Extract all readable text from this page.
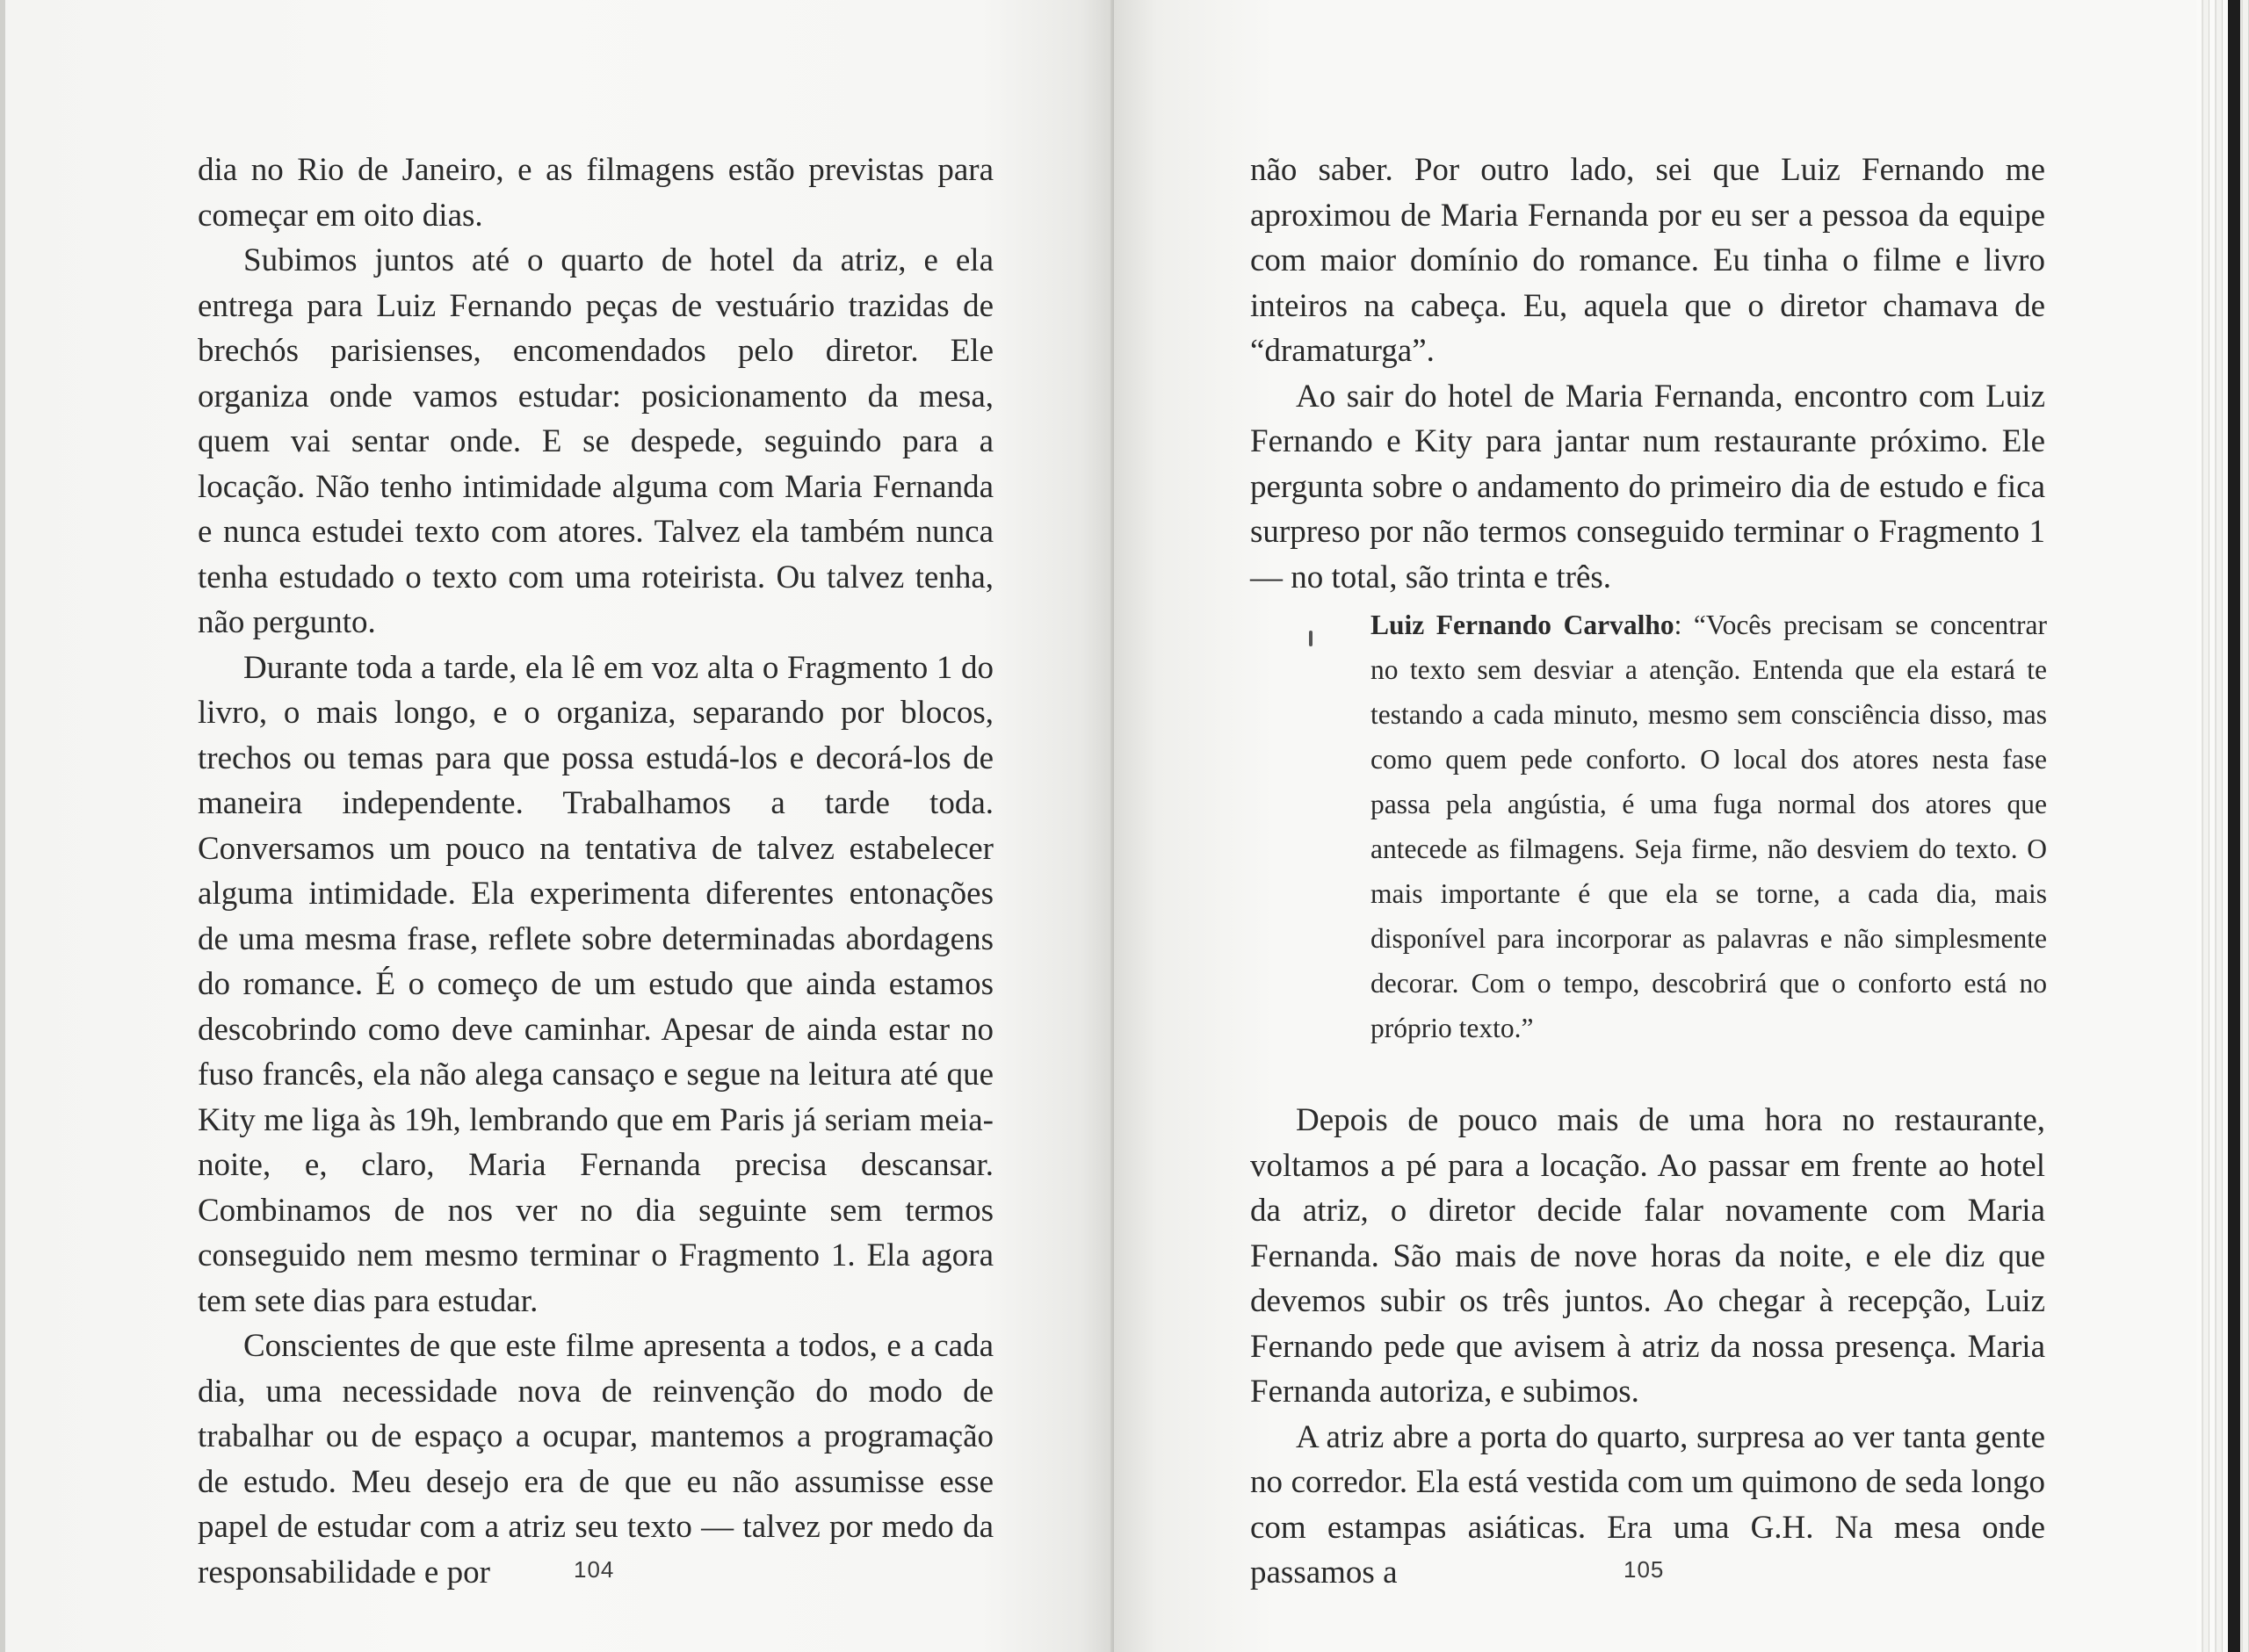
dia no Rio de Janeiro, e as filmagens estão previstas para começar em oito dias.

Subimos juntos até o quarto de hotel da atriz, e ela entrega para Luiz Fernando peças de vestuário trazidas de brechós parisienses, encomendados pelo diretor. Ele organiza onde vamos estudar: posicionamento da mesa, quem vai sentar onde. E se despede, seguindo para a locação. Não tenho intimidade alguma com Maria Fernanda e nunca estudei texto com atores. Talvez ela também nunca tenha estudado o texto com uma roteirista. Ou talvez tenha, não pergunto.

Durante toda a tarde, ela lê em voz alta o Fragmento 1 do livro, o mais longo, e o organiza, separando por blocos, trechos ou temas para que possa estudá-los e decorá-los de maneira independente. Trabalhamos a tarde toda. Conversamos um pouco na tentativa de talvez estabelecer alguma intimidade. Ela experimenta diferentes entonações de uma mesma frase, reflete sobre determinadas abordagens do romance. É o começo de um estudo que ainda estamos descobrindo como deve caminhar. Apesar de ainda estar no fuso francês, ela não alega cansaço e segue na leitura até que Kity me liga às 19h, lembrando que em Paris já seriam meia-noite, e, claro, Maria Fernanda precisa descansar. Combinamos de nos ver no dia seguinte sem termos conseguido nem mesmo terminar o Fragmento 1. Ela agora tem sete dias para estudar.

Conscientes de que este filme apresenta a todos, e a cada dia, uma necessidade nova de reinvenção do modo de trabalhar ou de espaço a ocupar, mantemos a programação de estudo. Meu desejo era de que eu não assumisse esse papel de estudar com a atriz seu texto — talvez por medo da responsabilidade e por	104

não saber. Por outro lado, sei que Luiz Fernando me aproximou de Maria Fernanda por eu ser a pessoa da equipe com maior domínio do romance. Eu tinha o filme e livro inteiros na cabeça. Eu, aquela que o diretor chamava de “dramaturga”.

Ao sair do hotel de Maria Fernanda, encontro com Luiz Fernando e Kity para jantar num restaurante próximo. Ele pergunta sobre o andamento do primeiro dia de estudo e fica surpreso por não termos conseguido terminar o Fragmento 1 — no total, são trinta e três.

Luiz Fernando Carvalho: “Vocês precisam se concentrar no texto sem desviar a atenção. Entenda que ela estará te testando a cada minuto, mesmo sem consciência disso, mas como quem pede conforto. O local dos atores nesta fase passa pela angústia, é uma fuga normal dos atores que antecede as filmagens. Seja firme, não desviem do texto. O mais importante é que ela se torne, a cada dia, mais disponível para incorporar as palavras e não simplesmente decorar. Com o tempo, descobrirá que o conforto está no próprio texto.”

Depois de pouco mais de uma hora no restaurante, voltamos a pé para a locação. Ao passar em frente ao hotel da atriz, o diretor decide falar novamente com Maria Fernanda. São mais de nove horas da noite, e ele diz que devemos subir os três juntos. Ao chegar à recepção, Luiz Fernando pede que avisem à atriz da nossa presença. Maria Fernanda autoriza, e subimos.

A atriz abre a porta do quarto, surpresa ao ver tanta gente no corredor. Ela está vestida com um quimono de seda longo com estampas asiáticas. Era uma G.H. Na mesa onde passamos a	105
